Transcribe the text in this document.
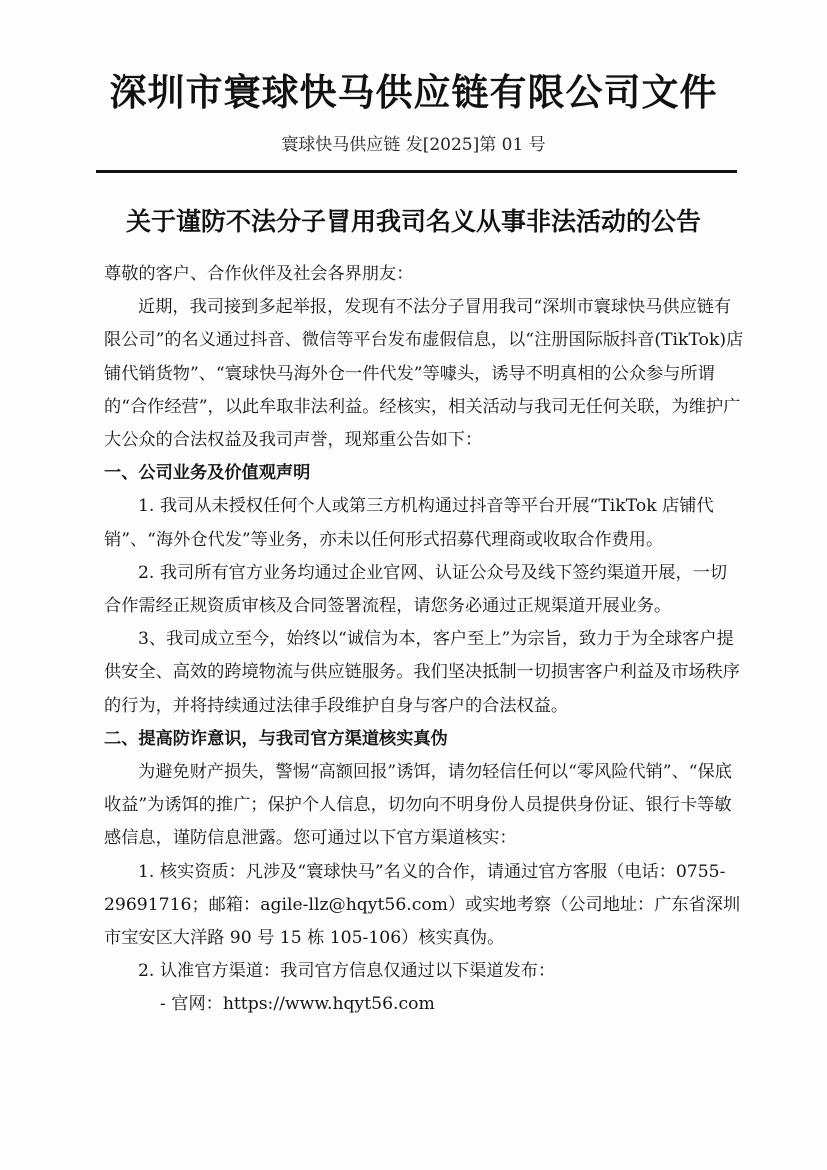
深圳市寰球快马供应链有限公司文件
寰球快马供应链 发[2025]第 01 号
关于谨防不法分子冒用我司名义从事非法活动的公告

尊敬的客户、合作伙伴及社会各界朋友：

近期，我司接到多起举报，发现有不法分子冒用我司“深圳市寰球快马供应链有限公司”的名义通过抖音、微信等平台发布虚假信息，以“注册国际版抖音(TikTok)店铺代销货物”、“寰球快马海外仓一件代发”等噱头，诱导不明真相的公众参与所谓的“合作经营”，以此牟取非法利益。经核实，相关活动与我司无任何关联，为维护广大公众的合法权益及我司声誉，现郑重公告如下：

一、公司业务及价值观声明

1. 我司从未授权任何个人或第三方机构通过抖音等平台开展“TikTok 店铺代销”、“海外仓代发”等业务，亦未以任何形式招募代理商或收取合作费用。

2. 我司所有官方业务均通过企业官网、认证公众号及线下签约渠道开展，一切合作需经正规资质审核及合同签署流程，请您务必通过正规渠道开展业务。

3、我司成立至今，始终以“诚信为本，客户至上”为宗旨，致力于为全球客户提供安全、高效的跨境物流与供应链服务。我们坚决抵制一切损害客户利益及市场秩序的行为，并将持续通过法律手段维护自身与客户的合法权益。

二、提高防诈意识，与我司官方渠道核实真伪

为避免财产损失，警惕“高额回报”诱饵，请勿轻信任何以“零风险代销”、“保底收益”为诱饵的推广；保护个人信息，切勿向不明身份人员提供身份证、银行卡等敏感信息，谨防信息泄露。您可通过以下官方渠道核实：

1. 核实资质：凡涉及“寰球快马”名义的合作，请通过官方客服（电话：0755-29691716；邮箱：agile-llz@hqyt56.com）或实地考察（公司地址：广东省深圳市宝安区大洋路 90 号 15 栋 105-106）核实真伪。

2. 认准官方渠道：我司官方信息仅通过以下渠道发布：

- 官网：https://www.hqyt56.com
